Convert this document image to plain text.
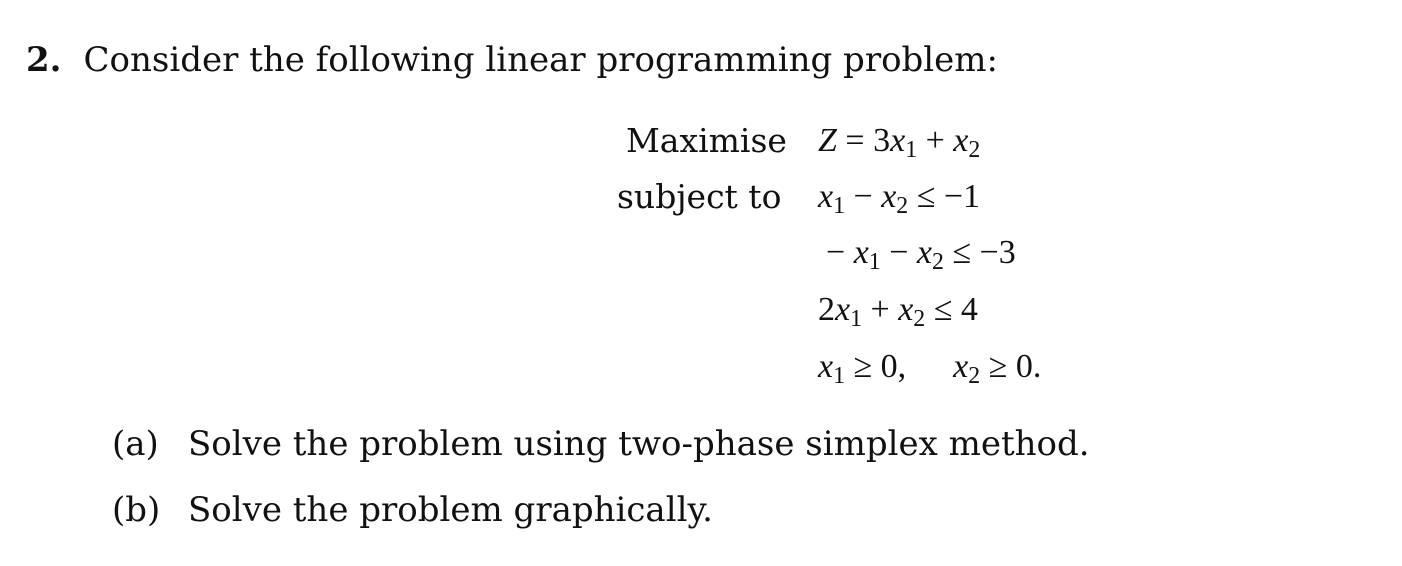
2. Consider the following linear programming problem:
Maximise
subject to
$Z = 3x_1 + x_2$
$x_1 - x_2 \le -1$
− $x_1 - x_2 \le -3$
$2x_1 + x_2 \le 4$
$x_1 \ge 0$, $x_2 \ge 0$.
(a) Solve the problem using two-phase simplex method.
(b) Solve the problem graphically.
